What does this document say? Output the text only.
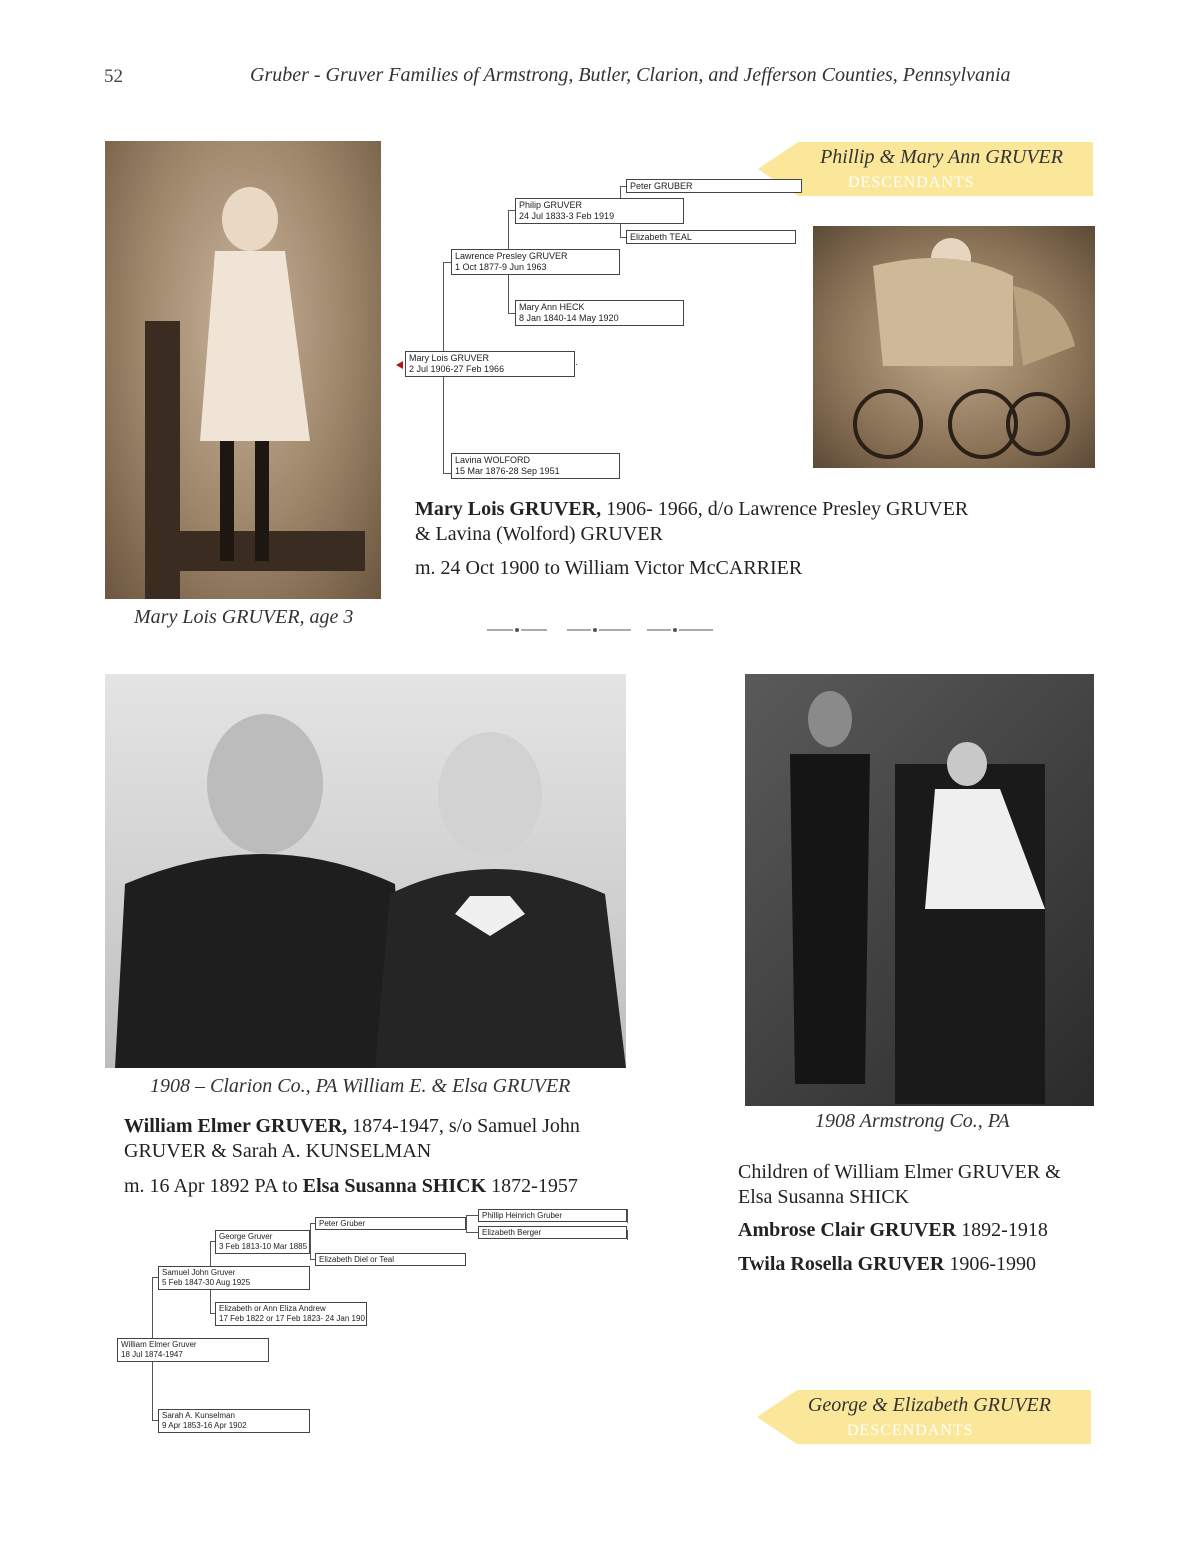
52	Gruber - Gruver Families of Armstrong, Butler, Clarion, and Jefferson Counties, Pennsylvania
Mary Lois GRUVER, age 3
Phillip & Mary Ann GRUVER
DESCENDANTS
Peter GRUBER
Philip GRUVER
24 Jul 1833-3 Feb 1919
Elizabeth TEAL
Lawrence Presley GRUVER
1 Oct 1877-9 Jun 1963
Mary Ann HECK
8 Jan 1840-14 May 1920
Mary Lois GRUVER
2 Jul 1906-27 Feb 1966
Lavina WOLFORD
15 Mar 1876-28 Sep 1951
Mary Lois GRUVER, 1906- 1966, d/o Lawrence Presley GRUVER
& Lavina (Wolford) GRUVER
m. 24 Oct 1900 to William Victor McCARRIER
1908 – Clarion Co., PA William E. & Elsa GRUVER
1908 Armstrong Co., PA
William Elmer GRUVER, 1874-1947, s/o Samuel John
GRUVER & Sarah A. KUNSELMAN
m. 16 Apr 1892 PA to Elsa Susanna SHICK 1872-1957
Children of William Elmer GRUVER &
Elsa Susanna SHICK
Ambrose Clair GRUVER 1892-1918
Twila Rosella GRUVER 1906-1990
Phillip Heinrich Gruber
Elizabeth Berger
Peter Gruber
George Gruver
3 Feb 1813-10 Mar 1885
Elizabeth Diel or Teal
Samuel John Gruver
5 Feb 1847-30 Aug 1925
Elizabeth or Ann Eliza Andrew
17 Feb 1822 or 17 Feb 1823- 24 Jan 190
William Elmer Gruver
18 Jul 1874-1947
Sarah A. Kunselman
9 Apr 1853-16 Apr 1902
George & Elizabeth GRUVER
DESCENDANTS
